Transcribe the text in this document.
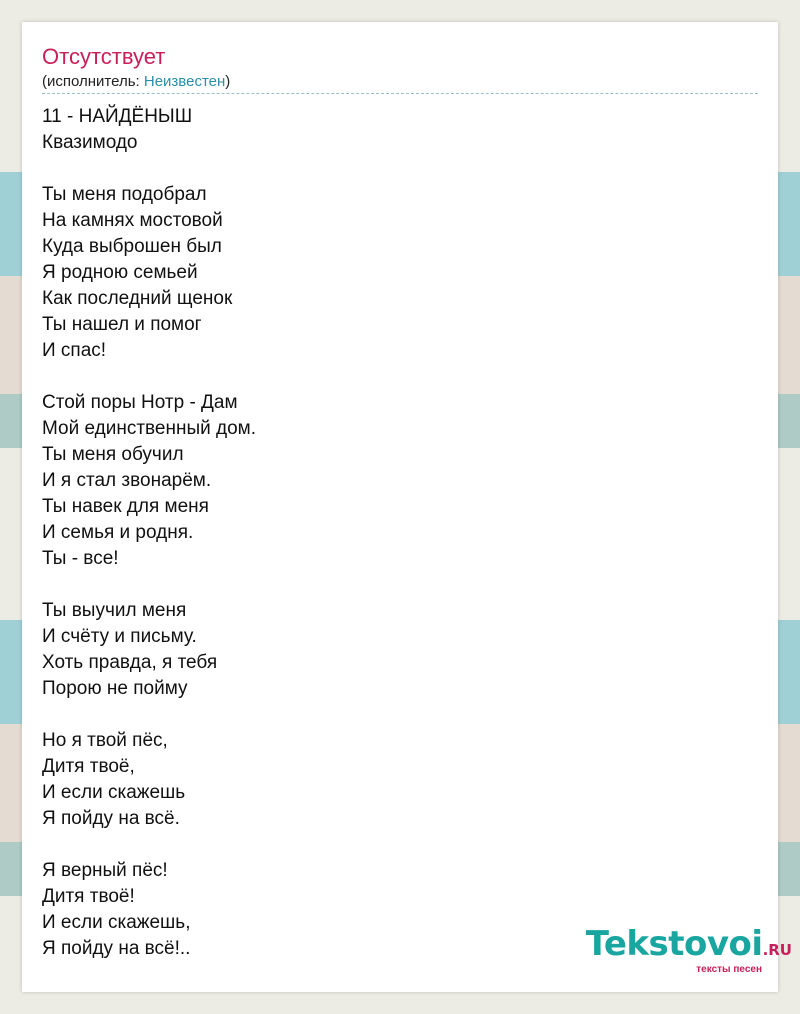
Отсутствует
(исполнитель: Неизвестен)
11 - НАЙДЁНЫШ
Квазимодо
Ты меня подобрал
На камнях мостовой
Куда выброшен был
Я родною семьей
Как последний щенок
Ты нашел и помог
И спас!
Стой поры Нотр - Дам
Мой единственный дом.
Ты меня обучил
И я стал звонарём.
Ты навек для меня
И семья и родня.
Ты - все!
Ты выучил меня
И счёту и письму.
Хоть правда, я тебя
Порою не пойму
Но я твой пёс,
Дитя твоё,
И если скажешь
Я пойду на всё.
Я верный пёс!
Дитя твоё!
И если скажешь,
Я пойду на всё!..	Tekstovoi.RU
тексты песен
